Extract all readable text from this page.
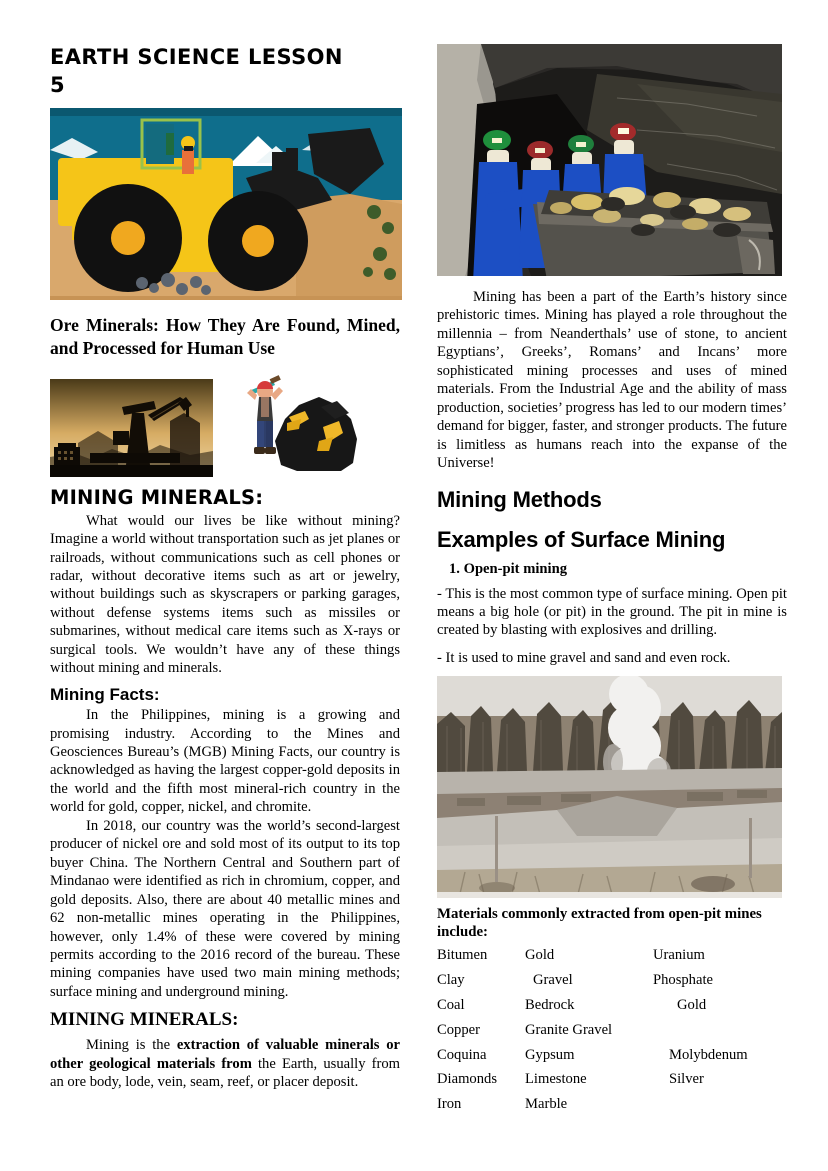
EARTH SCIENCE LESSON
5
Ore Minerals: How They Are Found, Mined, and Processed for Human Use
MINING MINERALS:

What would our lives be like without mining? Imagine a world without transportation such as jet planes or railroads, without communications such as cell phones or radar, without decorative items such as art or jewelry, without buildings such as skyscrapers or parking garages, without defense systems items such as missiles or submarines, without medical care items such as X-rays or surgical tools. We wouldn’t have any of these things without mining and minerals.

Mining Facts:

In the Philippines, mining is a growing and promising industry. According to the Mines and Geosciences Bureau’s (MGB) Mining Facts, our country is acknowledged as having the largest copper-gold deposits in the world and the fifth most mineral-rich country in the world for gold, copper, nickel, and chromite.

In 2018, our country was the world’s second-largest producer of nickel ore and sold most of its output to its top buyer China. The Northern Central and Southern part of Mindanao were identified as rich in chromium, copper, and gold deposits. Also, there are about 40 metallic mines and 62 non-metallic mines operating in the Philippines, however, only 1.4% of these were covered by mining permits according to the 2016 record of the bureau. These mining companies have used two main mining methods; surface mining and underground mining.

MINING MINERALS:

Mining is the extraction of valuable minerals or other geological materials from the Earth, usually from an ore body, lode, vein, seam, reef, or placer deposit.

Mining has been a part of the Earth’s history since prehistoric times. Mining has played a role throughout the millennia – from Neanderthals’ use of stone, to ancient Egyptians’, Greeks’, Romans’ and Incans’ more sophisticated mining processes and uses of mined materials. From the Industrial Age and the ability of mass production, societies’ progress has led to our modern times’ demand for bigger, faster, and stronger products. The future is limitless as humans reach into the expanse of the Universe!

Mining Methods
Examples of Surface Mining
1. Open-pit mining
- This is the most common type of surface mining. Open pit means a big hole (or pit) in the ground. The pit in mine is created by blasting with explosives and drilling.
- It is used to mine gravel and sand and even rock.
Materials commonly extracted from open-pit mines include:
Bitumen	Gold	Uranium
Clay	Gravel	Phosphate
Coal	Bedrock	Gold
Copper	Granite Gravel	
Coquina	Gypsum	Molybdenum
Diamonds	Limestone	Silver
Iron	Marble	
